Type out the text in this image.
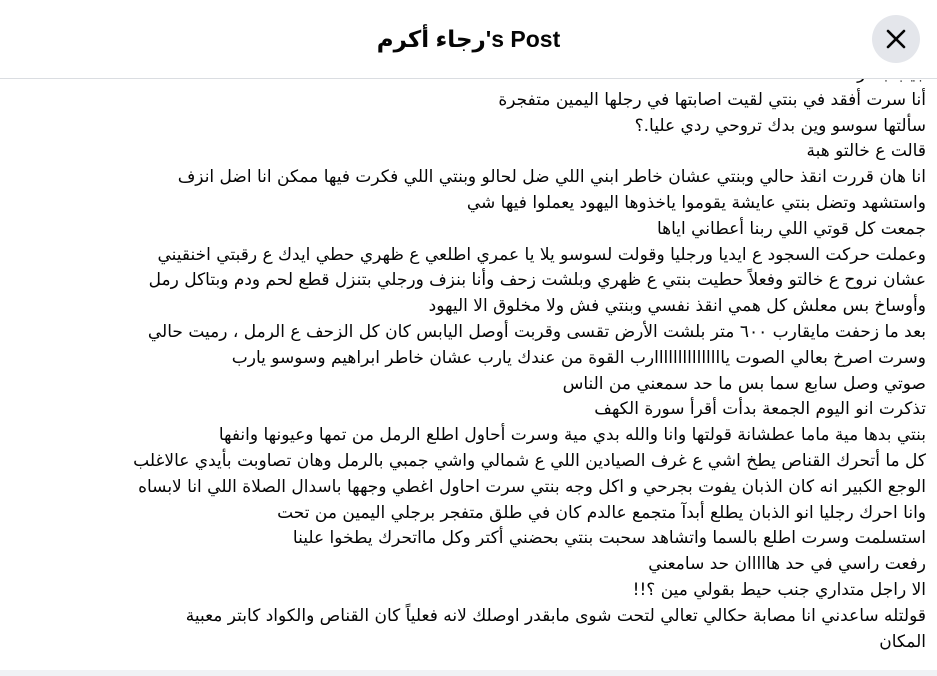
رجاء أكرم's Post
أنا سرت أفقد في بنتي لقيت اصابتها في رجلها اليمين متفجرة
سألتها سوسو وين بدك تروحي ردي عليا.؟
قالت ع خالتو هبة
انا هان قررت انقذ حالي وبنتي عشان خاطر ابني اللي ضل لحالو وبنتي اللي فكرت فيها ممكن انا اضل انزف
واستشهد وتضل بنتي عايشة يقوموا ياخذوها اليهود يعملوا فيها شي
جمعت كل قوتي اللي ربنا أعطاني اياها
وعملت حركت السجود ع ايديا ورجليا وقولت لسوسو يلا يا عمري اطلعي ع ظهري حطي ايدك ع رقبتي اخنقيني
عشان نروح ع خالتو وفعلاً حطيت بنتي ع ظهري وبلشت زحف وأنا بنزف ورجلي بتنزل قطع لحم ودم وبتاكل رمل
وأوساخ بس معلش كل همي انقذ نفسي وبنتي فش ولا مخلوق الا اليهود
بعد ما زحفت مايقارب ٦٠٠ متر بلشت الأرض تقسى وقربت أوصل اليابس كان كل الزحف ع الرمل ، رميت حالي
وسرت اصرخ بعالي الصوت يااااااااااااااارب القوة من عندك يارب عشان خاطر ابراهيم وسوسو يارب
صوتي وصل سابع سما بس ما حد سمعني من الناس
تذكرت انو اليوم الجمعة بدأت أقرأ سورة الكهف
بنتي بدها مية ماما عطشانة قولتها وانا والله بدي مية وسرت أحاول اطلع الرمل من تمها وعيونها وانفها
كل ما أتحرك القناص يطخ اشي ع غرف الصيادين اللي ع شمالي واشي جمبي بالرمل وهان تصاوبت بأيدي عالاغلب
الوجع الكبير انه كان الذبان يفوت بجرحي و اكل وجه بنتي سرت احاول اغطي وجهها باسدال الصلاة اللي انا لابساه
وانا احرك رجليا انو الذبان يطلع أبدآ متجمع عالدم كان في طلق متفجر برجلي اليمين من تحت
استسلمت وسرت اطلع بالسما واتشاهد سحبت بنتي بحضني أكتر وكل مااتحرك يطخوا علينا
رفعت راسي في حد هااااان حد سامعني
الا راجل متداري جنب حيط بقولي مين ؟!!
قولتله ساعدني انا مصابة حكالي تعالي لتحت شوى مابقدر اوصلك لانه فعلياً كان القناص والكواد كابتر معبية
المكان
